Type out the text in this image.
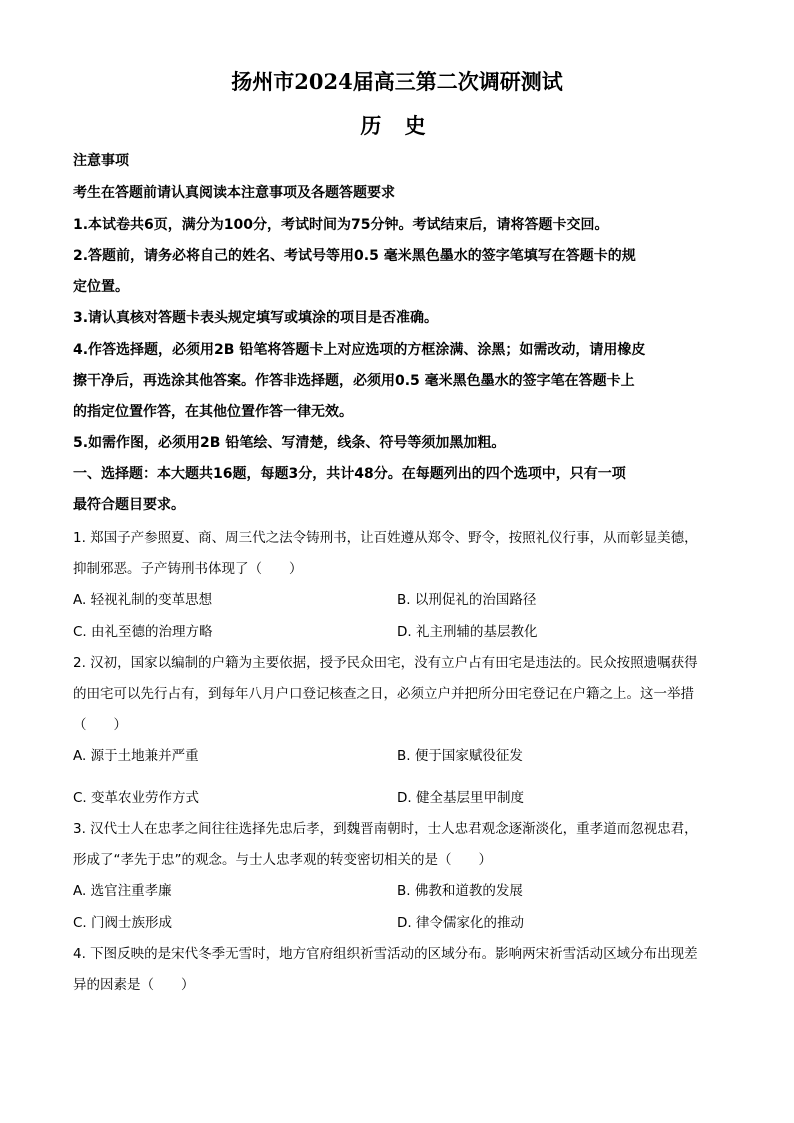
扬州市2024届高三第二次调研测试
历 史
注意事项
考生在答题前请认真阅读本注意事项及各题答题要求
1.本试卷共6页，满分为100分，考试时间为75分钟。考试结束后，请将答题卡交回。
2.答题前，请务必将自己的姓名、考试号等用0.5 毫米黑色墨水的签字笔填写在答题卡的规
定位置。
3.请认真核对答题卡表头规定填写或填涂的项目是否准确。
4.作答选择题，必须用2B 铅笔将答题卡上对应选项的方框涂满、涂黑；如需改动，请用橡皮
擦干净后，再选涂其他答案。作答非选择题，必须用0.5 毫米黑色墨水的签字笔在答题卡上
的指定位置作答，在其他位置作答一律无效。
5.如需作图，必须用2B 铅笔绘、写清楚，线条、符号等须加黑加粗。
一、选择题：本大题共16题，每题3分，共计48分。在每题列出的四个选项中，只有一项
最符合题目要求。
1. 郑国子产参照夏、商、周三代之法令铸刑书，让百姓遵从郑令、野令，按照礼仪行事，从而彰显美德，
抑制邪恶。子产铸刑书体现了（　　）
A. 轻视礼制的变革思想	B. 以刑促礼的治国路径
C. 由礼至德的治理方略	D. 礼主刑辅的基层教化
2. 汉初，国家以编制的户籍为主要依据，授予民众田宅，没有立户占有田宅是违法的。民众按照遗嘱获得
的田宅可以先行占有，到每年八月户口登记核查之日，必须立户并把所分田宅登记在户籍之上。这一举措
（　　）
A. 源于土地兼并严重	B. 便于国家赋役征发
C. 变革农业劳作方式	D. 健全基层里甲制度
3. 汉代士人在忠孝之间往往选择先忠后孝，到魏晋南朝时，士人忠君观念逐渐淡化，重孝道而忽视忠君，
形成了“孝先于忠”的观念。与士人忠孝观的转变密切相关的是（　　）
A. 选官注重孝廉	B. 佛教和道教的发展
C. 门阀士族形成	D. 律令儒家化的推动
4. 下图反映的是宋代冬季无雪时，地方官府组织祈雪活动的区域分布。影响两宋祈雪活动区域分布出现差
异的因素是（　　）
